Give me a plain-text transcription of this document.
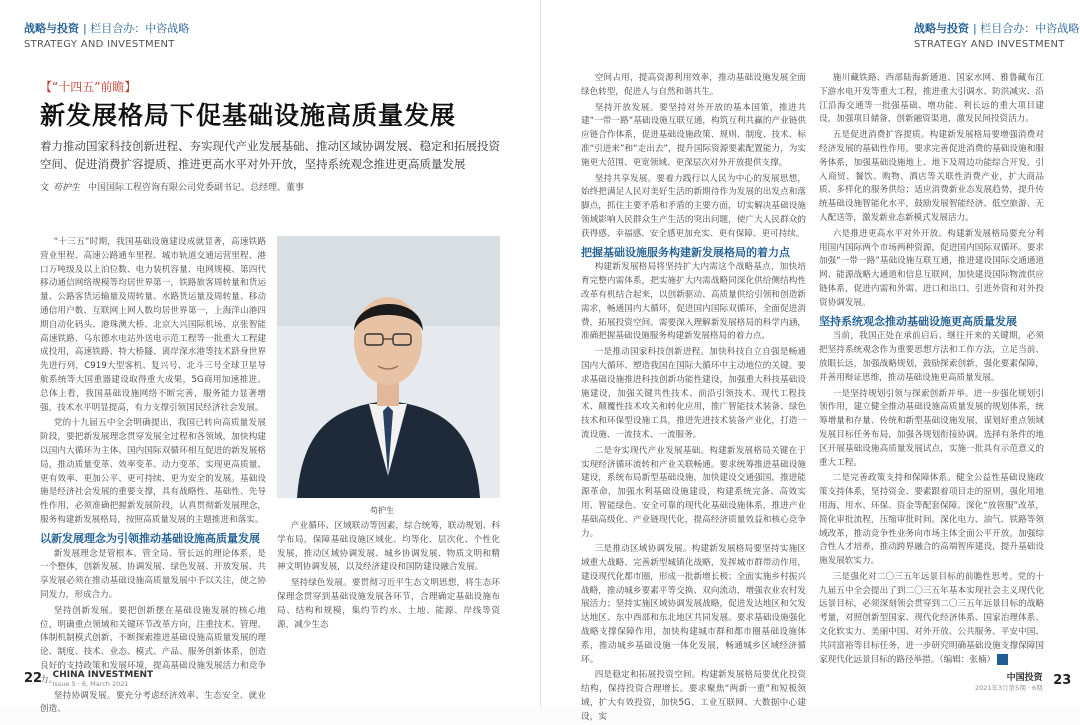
战略与投资 | 栏目合办：中咨战略
STRATEGY AND INVESTMENT
【“十四五”前瞻】
新发展格局下促基础设施高质量发展
着力推动国家科技创新进程、夯实现代产业发展基础、推动区域协调发展、稳定和拓展投资空间、促进消费扩容提质、推进更高水平对外开放，坚持系统观念推进更高质量发展
文 苟护生 中国国际工程咨询有限公司党委副书记、总经理、董事

“十三五”时期，我国基础设施建设成就显著，高速铁路营业里程、高速公路通车里程、城市轨道交通运营里程、港口万吨级及以上泊位数、电力装机容量、电网规模、第四代移动通信网络规模等均居世界第一，铁路旅客周转量和货运量、公路客货运输量及周转量、水路货运量及周转量、移动通信用户数、互联网上网人数均居世界第一，上海洋山港四期自动化码头、港珠澳大桥、北京大兴国际机场、京张智能高速铁路、乌东德水电站外送电示范工程等一批重大工程建成投用，高速铁路、特大桥隧、离岸深水港等技术跻身世界先进行列，C919大型客机、复兴号、北斗三号全球卫星导航系统等大国重器建设取得重大成果，5G商用加速推进。总体上看，我国基础设施网络不断完善，服务能力显著增强，技术水平明显提高，有力支撑引领国民经济社会发展。

党的十九届五中全会明确提出，我国已转向高质量发展阶段，要把新发展理念贯穿发展全过程和各领域，加快构建以国内大循环为主体、国内国际双循环相互促进的新发展格局，推动质量变革、效率变革、动力变革，实现更高质量、更有效率、更加公平、更可持续、更为安全的发展。基础设施是经济社会发展的重要支撑，具有战略性、基础性、先导性作用，必须准确把握新发展阶段，认真贯彻新发展理念，服务构建新发展格局，按照高质量发展的主题推进和落实。

以新发展理念为引领推动基础设施高质量发展

新发展理念是管根本、管全局、管长远的理论体系，是一个整体，创新发展、协调发展、绿色发展、开放发展、共享发展必须在推动基础设施高质量发展中予以关注，使之协同发力，形成合力。

坚持创新发展。要把创新摆在基础设施发展的核心地位，明确重点领域和关键环节改革方向，注重技术、管理、体制机制模式创新，不断探索推进基础设施高质量发展的理论、制度、技术、业态、模式、产品、服务创新体系，创造良好的支持政策和发展环境，提高基础设施发展活力和竞争力。

坚持协调发展。要充分考虑经济效率、生态安全、就业创造、

苟护生

产业循环、区域联动等因素，综合统筹，联动规划、科学布局，保障基础设施区域化、均等化、层次化、个性化发展，推动区域协调发展、城乡协调发展、物质文明和精神文明协调发展，以及经济建设和国防建设融合发展。

坚持绿色发展。要贯彻习近平生态文明思想，将生态环保理念贯穿到基础设施发展各环节，合理确定基础设施布局、结构和规模，集约节约水、土地、能源、岸线等资源，减少生态

22 CHINA INVESTMENT
Issue 5 · 6, March 2021
战略与投资 | 栏目合办：中咨战略
STRATEGY AND INVESTMENT

空间占用，提高资源利用效率，推动基础设施发展全面绿色转型，促进人与自然和谐共生。

坚持开放发展。要坚持对外开放的基本国策，推进共建“一带一路”基础设施互联互通，构筑互利共赢的产业链供应链合作体系，促进基础设施政策、规则、制度、技术、标准“引进来”和“走出去”，提升国际资源要素配置能力，为实施更大范围、更宽领域、更深层次对外开放提供支撑。

坚持共享发展。要着力践行以人民为中心的发展思想，始终把满足人民对美好生活的新期待作为发展的出发点和落脚点，抓住主要矛盾和矛盾的主要方面，切实解决基础设施领域影响人民群众生产生活的突出问题，使广大人民群众的获得感、幸福感、安全感更加充实、更有保障、更可持续。

把握基础设施服务构建新发展格局的着力点

构建新发展格局将坚持扩大内需这个战略基点，加快培育完整内需体系，把实施扩大内需战略同深化供给侧结构性改革有机结合起来，以创新驱动、高质量供给引领和创造新需求，畅通国内大循环，促进国内国际双循环，全面促进消费，拓展投资空间。需要深入理解新发展格局的科学内涵，准确把握基础设施服务构建新发展格局的着力点。

一是推动国家科技创新进程。加快科技自立自强是畅通国内大循环、塑造我国在国际大循环中主动地位的关键。要求基础设施推进科技创新功能性建设，加强重大科技基础设施建设，加强关键共性技术、前沿引领技术、现代工程技术、颠覆性技术攻关和转化应用，推广智能技术装备、绿色技术和环保型设施工具，推进先进技术装备产业化，打造一流设施、一流技术、一流服务。

二是夯实现代产业发展基础。构建新发展格局关键在于实现经济循环流转和产业关联畅通。要求统筹推进基础设施建设，系统布局新型基础设施，加快建设交通强国，推进能源革命，加强水利基础设施建设，构建系统完备、高效实用、智能绿色、安全可靠的现代化基础设施体系，推进产业基础高级化、产业链现代化，提高经济质量效益和核心竞争力。

三是推动区域协调发展。构建新发展格局要坚持实施区域重大战略、完善新型城镇化战略，发挥城市群带动作用，建设现代化都市圈，形成一批新增长极；全面实施乡村振兴战略，推动城乡要素平等交换、双向流动，增强农业农村发展活力；坚持实施区域协调发展战略，促进发达地区和欠发达地区、东中西部和东北地区共同发展。要求基础设施强化战略支撑保障作用，加快构建城市群和都市圈基础设施体系，推动城乡基础设施一体化发展，畅通城乡区域经济循环。

四是稳定和拓展投资空间。构建新发展格局要优化投资结构，保持投资合理增长。要求聚焦“两新一重”和短板领域，扩大有效投资，加快5G、工业互联网、大数据中心建设，实

施川藏铁路、西部陆海新通道、国家水网、雅鲁藏布江下游水电开发等重大工程，推进重大引调水、防洪减灾、沿江沿海交通等一批强基础、增功能、利长远的重大项目建设，加强项目储备，创新融资渠道，激发民间投资活力。

五是促进消费扩容提质。构建新发展格局要增强消费对经济发展的基础性作用。要求完善促进消费的基础设施和服务体系，加强基础设施地上、地下及周边功能综合开发，引入商贸、餐饮、购物、酒店等关联性消费产业，扩大商品质、多样化的服务供给；适应消费新业态发展趋势，提升传统基础设施智能化水平，鼓励发展智能经济、低空旅游、无人配送等，激发新业态新模式发展活力。

六是推进更高水平对外开放。构建新发展格局要充分利用国内国际两个市场两种资源，促进国内国际双循环。要求加强“一带一路”基础设施互联互通，推进建设国际交通通道网、能源战略大通道和信息互联网，加快建设国际物流供应链体系，促进内需和外需、进口和出口、引进外资和对外投资协调发展。

坚持系统观念推动基础设施更高质量发展

当前，我国正处在承前启后、继往开来的关键期，必须把坚持系统观念作为重要思想方法和工作方法，立足当前、放眼长远，加强战略规划，鼓励探索创新，强化要素保障，并善用辩证思维，推动基础设施更高质量发展。

一是坚持规划引领与探索创新并举。进一步强化规划引领作用，建立健全推动基础设施高质量发展的规划体系，统筹增量和存量、传统和新型基础设施发展，谋划好重点领域发展目标任务布局，加强各规划衔接协调。选择有条件的地区开展基础设施高质量发展试点，实施一批具有示范意义的重大工程。

二是完善政策支持和保障体系。健全公益性基础设施政策支持体系，坚持资金、要素跟着项目走的原则，强化用地用海、用水、环保、资金等配套保障。深化“放管服”改革，简化审批流程，压缩审批时间。深化电力、油气、铁路等领域改革，推动竞争性业务向市场主体全面公平开放。加强综合性人才培养，推动跨界融合的高端智库建设，提升基础设施发展软实力。

三是强化对二〇三五年远景目标的前瞻性思考。党的十九届五中全会提出了到二〇三五年基本实现社会主义现代化远景目标，必须深刻领会贯穿到二〇三五年远景目标的战略考量，对照创新型国家、现代化经济体系、国家治理体系、文化软实力、美丽中国、对外开放、公共服务、平安中国、共同富裕等目标任务，进一步研究明确基础设施支撑保障国家现代化远景目标的路径举措。（编辑：张楠） T2

中国投资
2021年3月第5期 · 6期
23
